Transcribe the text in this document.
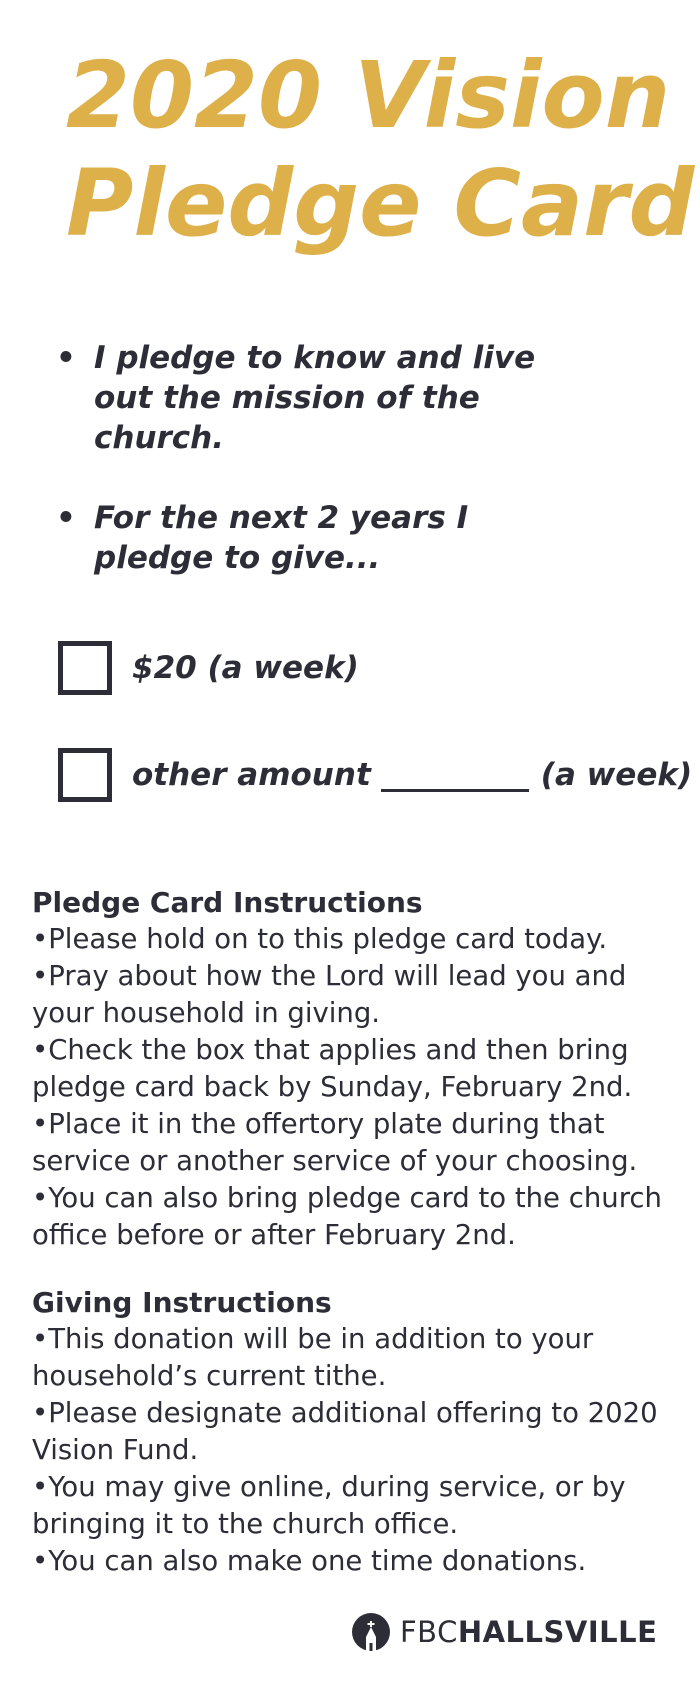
2020 Vision
Pledge Card
• I pledge to know and live
out the mission of the
church.
• For the next 2 years I
pledge to give...
$20 (a week)
other amount	(a week)
Pledge Card Instructions

•Please hold on to this pledge card today.

•Pray about how the Lord will lead you and

your household in giving.

•Check the box that applies and then bring

pledge card back by Sunday, February 2nd.

•Place it in the offertory plate during that

service or another service of your choosing.

•You can also bring pledge card to the church

office before or after February 2nd.

Giving Instructions

•This donation will be in addition to your

household’s current tithe.

•Please designate additional offering to 2020

Vision Fund.

•You may give online, during service, or by

bringing it to the church office.

•You can also make one time donations.

FBCHALLSVILLE
